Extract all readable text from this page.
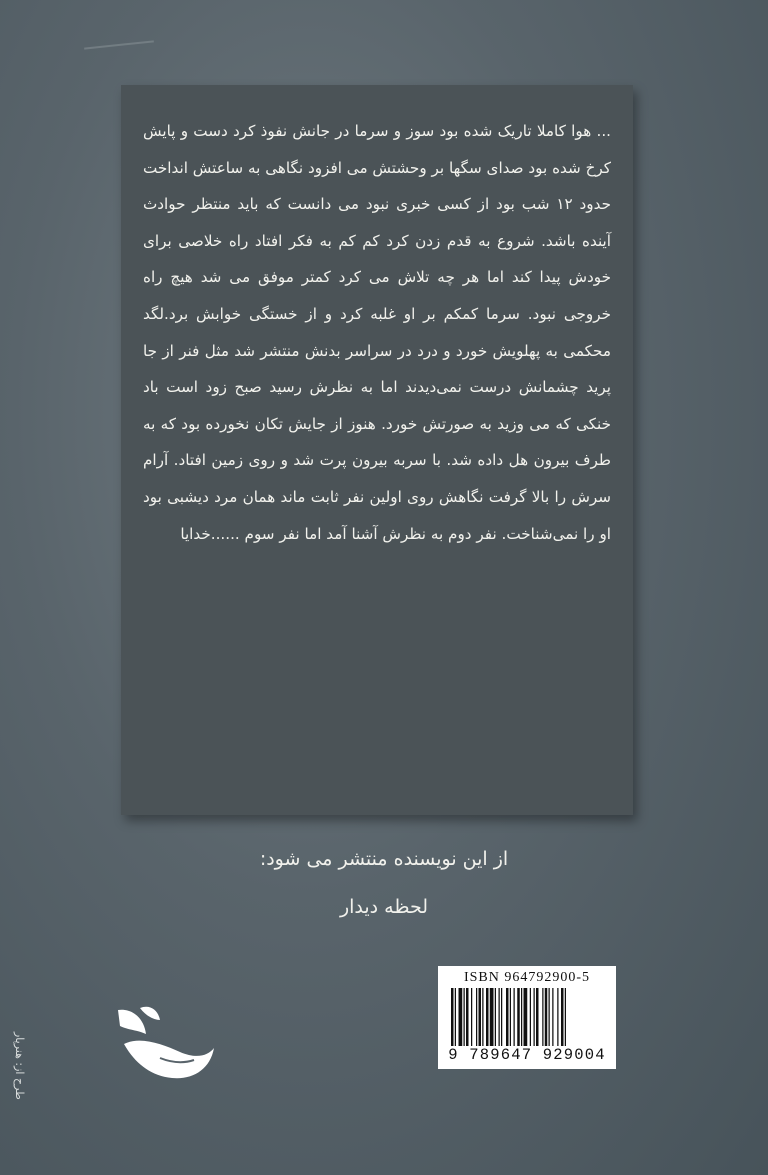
... هوا کاملا تاریک شده بود سوز و سرما در جانش نفوذ کرد دست و پایش کرخ شده بود صدای سگها بر وحشتش می افزود نگاهی به ساعتش انداخت حدود ۱۲ شب بود از کسی خبری نبود می دانست که باید منتظر حوادث آینده باشد. شروع به قدم زدن کرد کم کم به فکر افتاد راه خلاصی برای خودش پیدا کند اما هر چه تلاش می کرد کمتر موفق می شد هیچ راه خروجی نبود. سرما کمکم بر او غلبه کرد و از خستگی خوابش برد.لگد محکمی به پهلویش خورد و درد در سراسر بدنش منتشر شد مثل فنر از جا پرید چشمانش درست نمی‌دیدند اما به نظرش رسید صبح زود است باد خنکی که می وزید به صورتش خورد. هنوز از جایش تکان نخورده بود که به طرف بیرون هل داده شد. با سربه بیرون پرت شد و روی زمین افتاد. آرام سرش را بالا گرفت نگاهش روی اولین نفر ثابت ماند همان مرد دیشبی بود او را نمی‌شناخت. نفر دوم به نظرش آشنا آمد اما نفر سوم ......خدایا

از این نویسنده منتشر می شود:

لحظه دیدار

ISBN 964792900-5
9 789647 929004
طرح از: هنرپار
